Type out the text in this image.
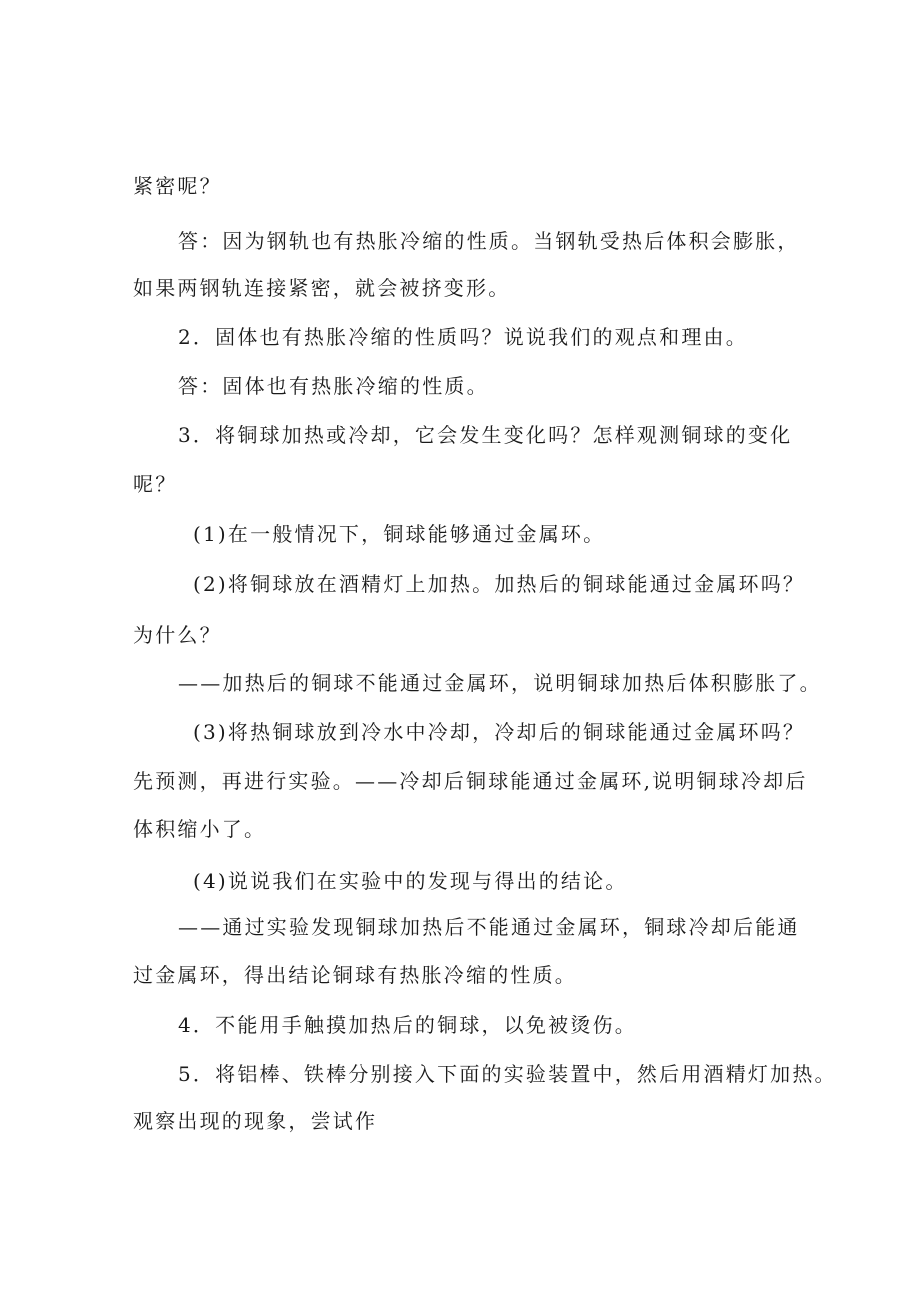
紧密呢？
答：因为钢轨也有热胀冷缩的性质。当钢轨受热后体积会膨胀，
如果两钢轨连接紧密，就会被挤变形。
2．固体也有热胀冷缩的性质吗？说说我们的观点和理由。
答：固体也有热胀冷缩的性质。
3．将铜球加热或冷却，它会发生变化吗？怎样观测铜球的变化
呢？
(1)在一般情况下，铜球能够通过金属环。
(2)将铜球放在酒精灯上加热。加热后的铜球能通过金属环吗？
为什么？
——加热后的铜球不能通过金属环，说明铜球加热后体积膨胀了。
(3)将热铜球放到冷水中冷却，冷却后的铜球能通过金属环吗？
先预测，再进行实验。——冷却后铜球能通过金属环,说明铜球冷却后
体积缩小了。
(4)说说我们在实验中的发现与得出的结论。
——通过实验发现铜球加热后不能通过金属环，铜球冷却后能通
过金属环，得出结论铜球有热胀冷缩的性质。
4．不能用手触摸加热后的铜球，以免被烫伤。
5．将铝棒、铁棒分别接入下面的实验装置中，然后用酒精灯加热。
观察出现的现象，尝试作
